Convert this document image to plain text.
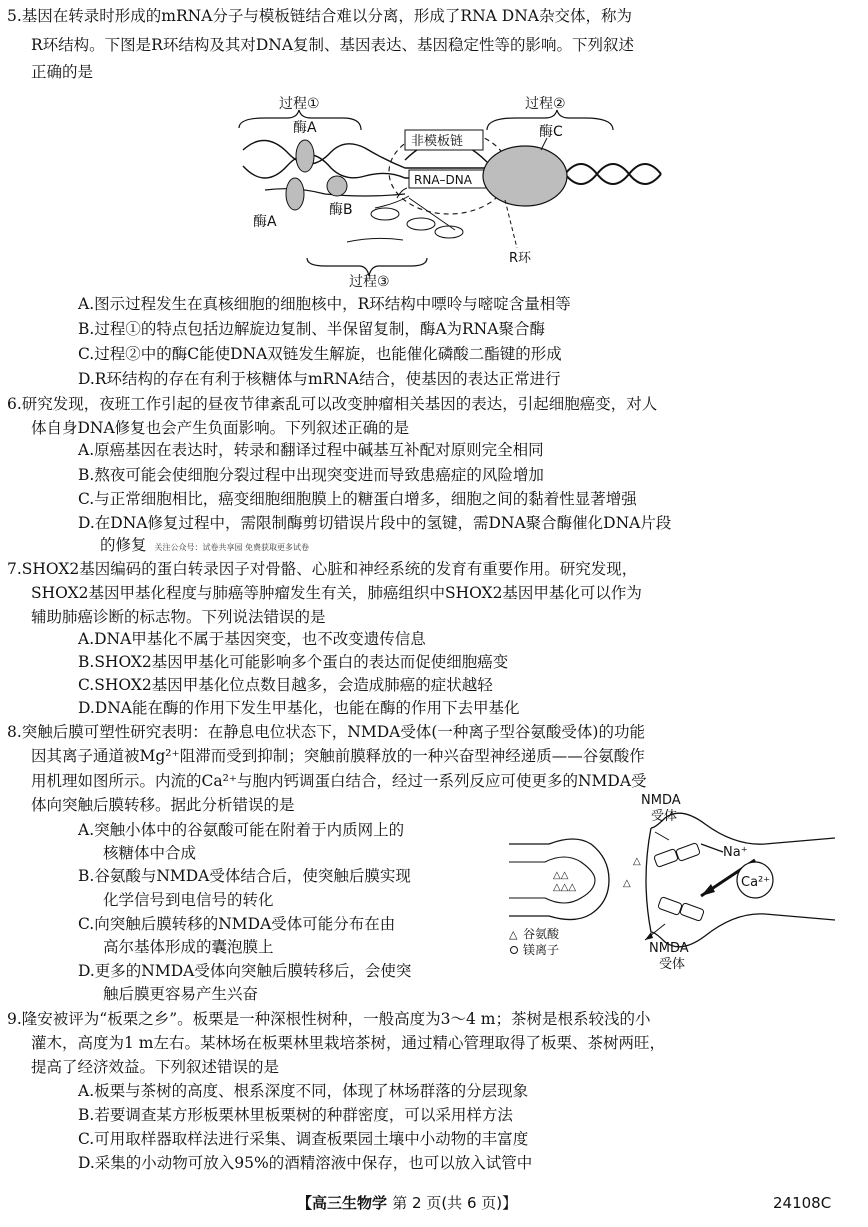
5.基因在转录时形成的mRNA分子与模板链结合难以分离，形成了RNA DNA杂交体，称为
R环结构。下图是R环结构及其对DNA复制、基因表达、基因稳定性等的影响。下列叙述
正确的是
过程①	过程②
非模板链
RNA–DNA
酶C
酶A
酶A
酶B
过程③
R环
A.图示过程发生在真核细胞的细胞核中，R环结构中嘌呤与嘧啶含量相等
B.过程①的特点包括边解旋边复制、半保留复制，酶A为RNA聚合酶
C.过程②中的酶C能使DNA双链发生解旋，也能催化磷酸二酯键的形成
D.R环结构的存在有利于核糖体与mRNA结合，使基因的表达正常进行
6.研究发现，夜班工作引起的昼夜节律紊乱可以改变肿瘤相关基因的表达，引起细胞癌变，对人
体自身DNA修复也会产生负面影响。下列叙述正确的是
A.原癌基因在表达时，转录和翻译过程中碱基互补配对原则完全相同
B.熬夜可能会使细胞分裂过程中出现突变进而导致患癌症的风险增加
C.与正常细胞相比，癌变细胞细胞膜上的糖蛋白增多，细胞之间的黏着性显著增强
D.在DNA修复过程中，需限制酶剪切错误片段中的氢键，需DNA聚合酶催化DNA片段
的修复 关注公众号：试卷共享园 免费获取更多试卷
7.SHOX2基因编码的蛋白转录因子对骨骼、心脏和神经系统的发育有重要作用。研究发现，
SHOX2基因甲基化程度与肺癌等肿瘤发生有关，肺癌组织中SHOX2基因甲基化可以作为
辅助肺癌诊断的标志物。下列说法错误的是
A.DNA甲基化不属于基因突变，也不改变遗传信息
B.SHOX2基因甲基化可能影响多个蛋白的表达而促使细胞癌变
C.SHOX2基因甲基化位点数目越多，会造成肺癌的症状越轻
D.DNA能在酶的作用下发生甲基化，也能在酶的作用下去甲基化
8.突触后膜可塑性研究表明：在静息电位状态下，NMDA受体(一种离子型谷氨酸受体)的功能
因其离子通道被Mg²⁺阻滞而受到抑制；突触前膜释放的一种兴奋型神经递质——谷氨酸作
用机理如图所示。内流的Ca²⁺与胞内钙调蛋白结合，经过一系列反应可使更多的NMDA受
体向突触后膜转移。据此分析错误的是
A.突触小体中的谷氨酸可能在附着于内质网上的
核糖体中合成
B.谷氨酸与NMDA受体结合后，使突触后膜实现
化学信号到电信号的转化
C.向突触后膜转移的NMDA受体可能分布在由
高尔基体形成的囊泡膜上
D.更多的NMDA受体向突触后膜转移后，会使突
触后膜更容易产生兴奋
△△
△△△	△
△
NMDA
受体
Na⁺
Ca²⁺
NMDA
受体
△ 谷氨酸
镁离子
9.隆安被评为“板栗之乡”。板栗是一种深根性树种，一般高度为3～4 m；茶树是根系较浅的小
灌木，高度为1 m左右。某林场在板栗林里栽培茶树，通过精心管理取得了板栗、茶树两旺，
提高了经济效益。下列叙述错误的是
A.板栗与茶树的高度、根系深度不同，体现了林场群落的分层现象
B.若要调查某方形板栗林里板栗树的种群密度，可以采用样方法
C.可用取样器取样法进行采集、调查板栗园土壤中小动物的丰富度
D.采集的小动物可放入95%的酒精溶液中保存，也可以放入试管中
【高三生物学 第 2 页(共 6 页)】	24108C
